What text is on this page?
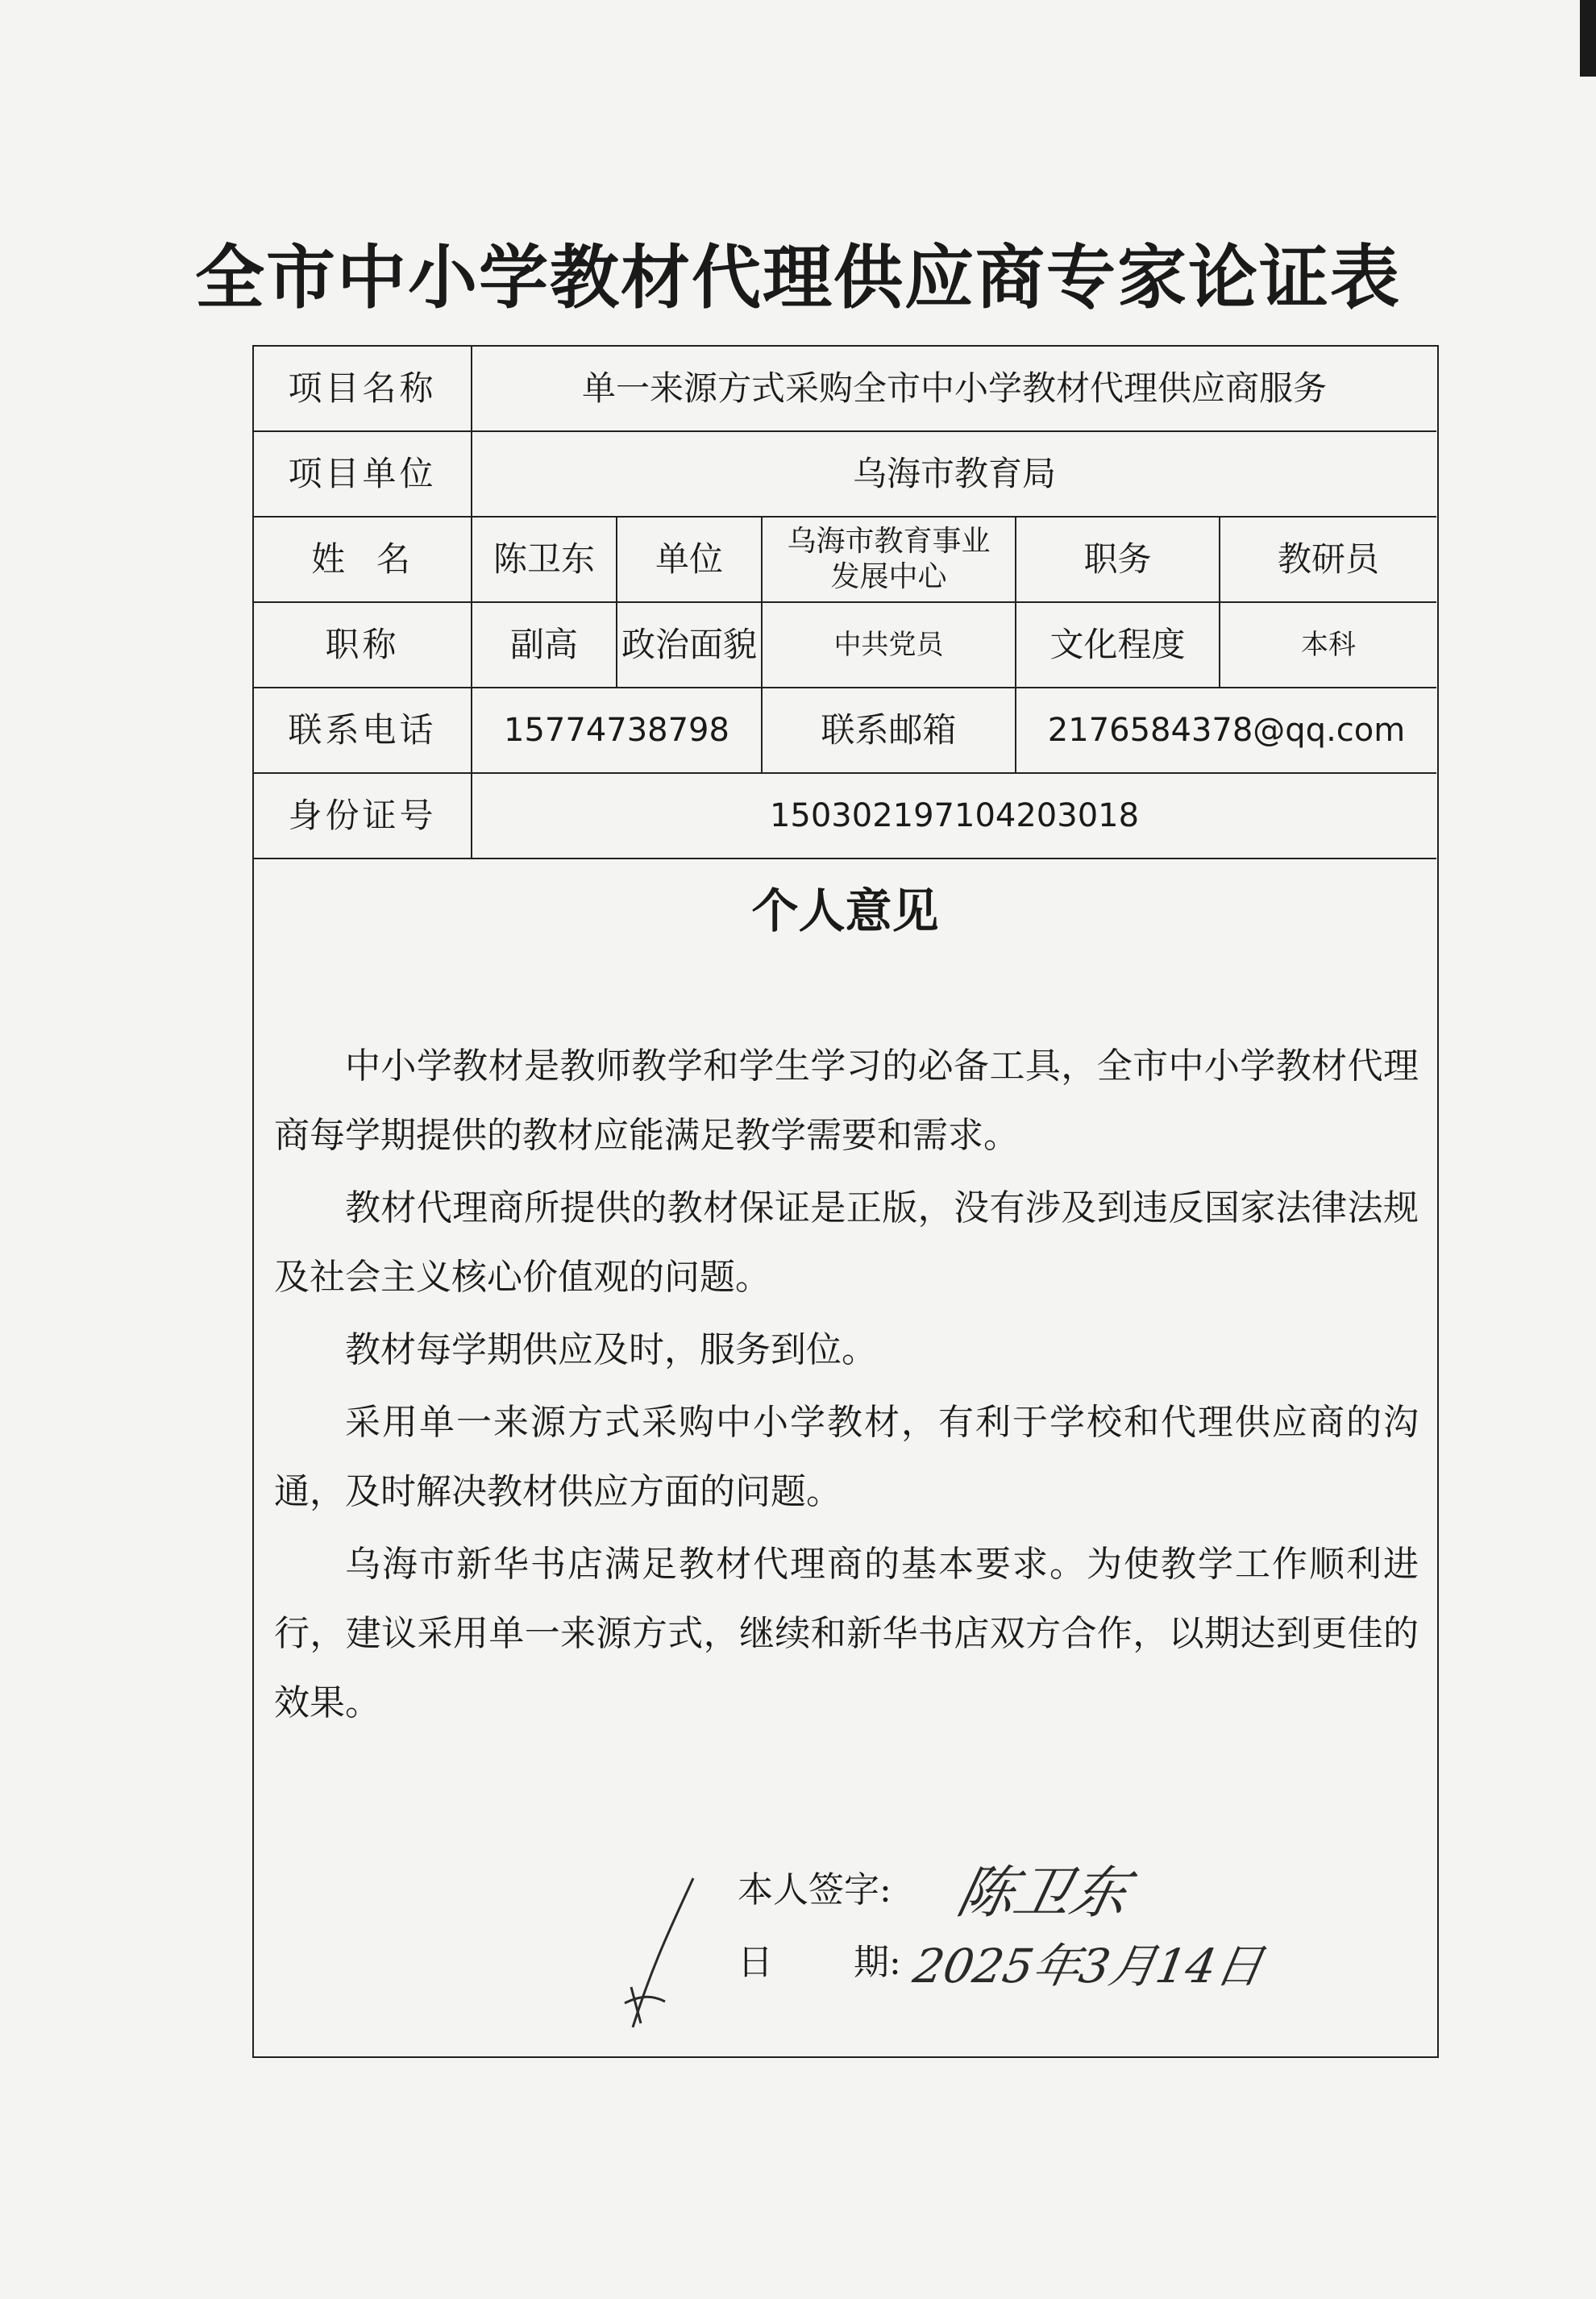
全市中小学教材代理供应商专家论证表
项目名称	单一来源方式采购全市中小学教材代理供应商服务				
项目单位	乌海市教育局				
姓  名	陈卫东	单位	乌海市教育事业发展中心	职务	教研员
职称	副高	政治面貌	中共党员	文化程度	本科
联系电话	15774738798		联系邮箱	2176584378@qq.com	
身份证号	150302197104203018				
个人意见

中小学教材是教师教学和学生学习的必备工具，全市中小学教材代理商每学期提供的教材应能满足教学需要和需求。

教材代理商所提供的教材保证是正版，没有涉及到违反国家法律法规及社会主义核心价值观的问题。

教材每学期供应及时，服务到位。

采用单一来源方式采购中小学教材，有利于学校和代理供应商的沟通，及时解决教材供应方面的问题。

乌海市新华书店满足教材代理商的基本要求。为使教学工作顺利进行，建议采用单一来源方式，继续和新华书店双方合作，以期达到更佳的效果。

本人签字:
日 期:
陈卫东
2025年3月14日
